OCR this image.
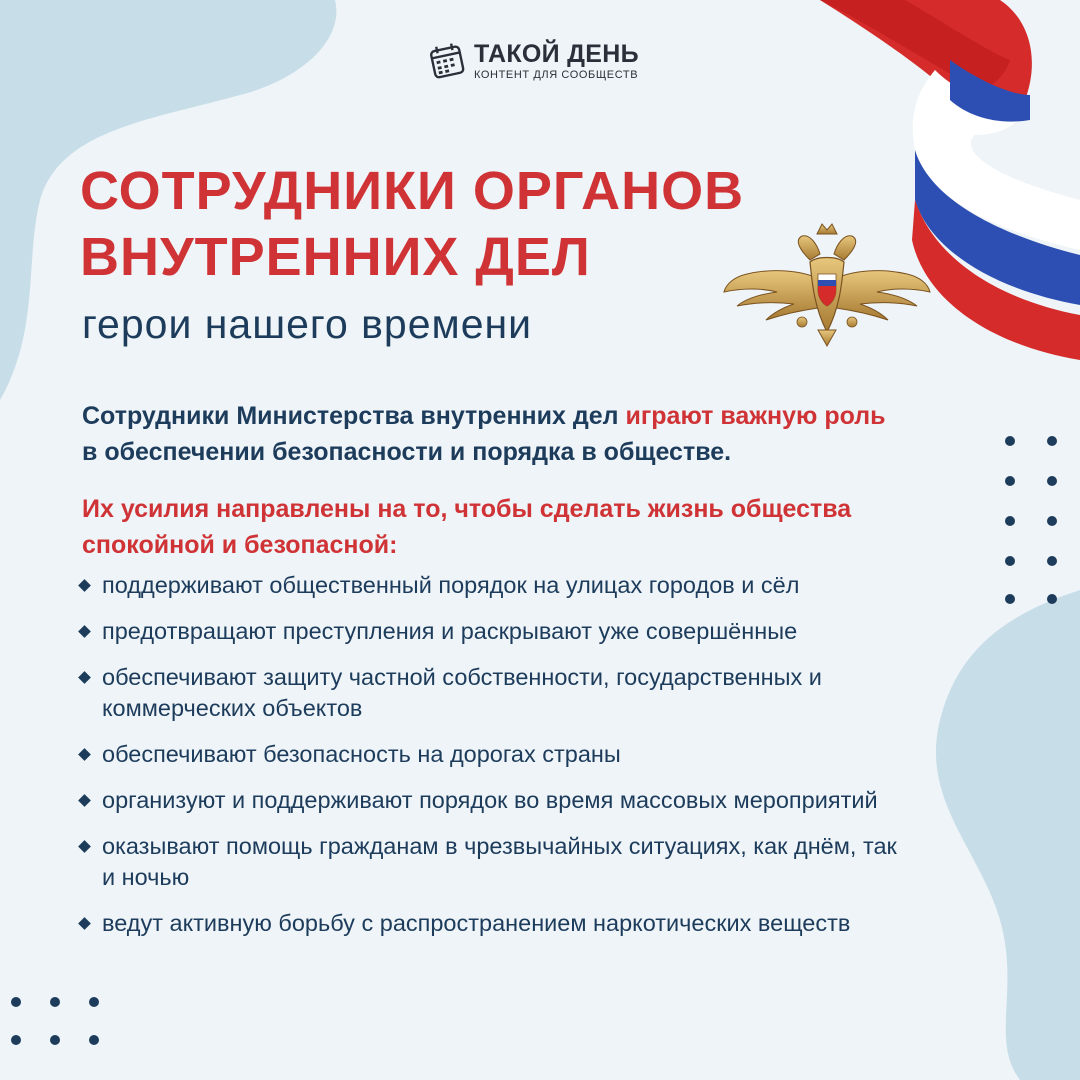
ТАКОЙ ДЕНЬ
КОНТЕНТ ДЛЯ СООБЩЕСТВ
СОТРУДНИКИ ОРГАНОВ
ВНУТРЕННИХ ДЕЛ
герои нашего времени
Сотрудники Министерства внутренних дел играют важную роль
в обеспечении безопасности и порядка в обществе.
Их усилия направлены на то, чтобы сделать жизнь общества спокойной и безопасной:
поддерживают общественный порядок на улицах городов и сёл
предотвращают преступления и раскрывают уже совершённые
обеспечивают защиту частной собственности, государственных и коммерческих объектов
обеспечивают безопасность на дорогах страны
организуют и поддерживают порядок во время массовых мероприятий
оказывают помощь гражданам в чрезвычайных ситуациях, как днём, так и ночью
ведут активную борьбу с распространением наркотических веществ
